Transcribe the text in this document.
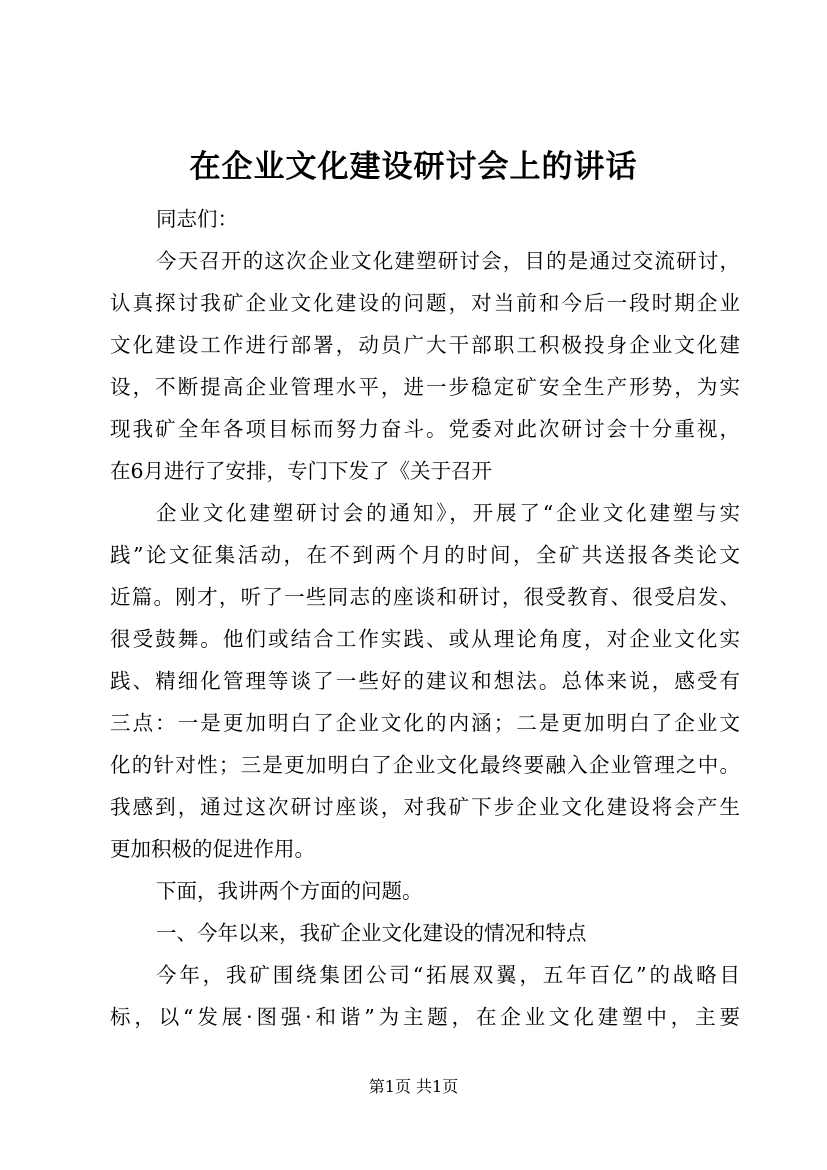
在企业文化建设研讨会上的讲话
同志们：
今天召开的这次企业文化建塑研讨会，目的是通过交流研讨，
认真探讨我矿企业文化建设的问题，对当前和今后一段时期企业
文化建设工作进行部署，动员广大干部职工积极投身企业文化建
设，不断提高企业管理水平，进一步稳定矿安全生产形势，为实
现我矿全年各项目标而努力奋斗。党委对此次研讨会十分重视，
在6月进行了安排，专门下发了《关于召开
企业文化建塑研讨会的通知》，开展了“企业文化建塑与实
践”论文征集活动，在不到两个月的时间，全矿共送报各类论文
近篇。刚才，听了一些同志的座谈和研讨，很受教育、很受启发、
很受鼓舞。他们或结合工作实践、或从理论角度，对企业文化实
践、精细化管理等谈了一些好的建议和想法。总体来说，感受有
三点：一是更加明白了企业文化的内涵；二是更加明白了企业文
化的针对性；三是更加明白了企业文化最终要融入企业管理之中。
我感到，通过这次研讨座谈，对我矿下步企业文化建设将会产生
更加积极的促进作用。
下面，我讲两个方面的问题。
一、今年以来，我矿企业文化建设的情况和特点
今年，我矿围绕集团公司“拓展双翼，五年百亿”的战略目
标，以“发展·图强·和谐”为主题，在企业文化建塑中，主要
第1页 共1页
